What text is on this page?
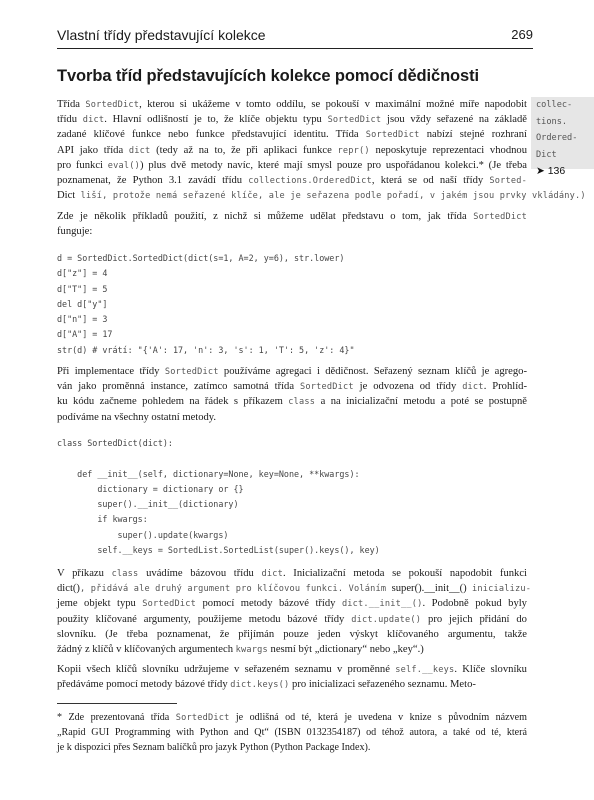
Vlastní třídy představující kolekce	269
Tvorba tříd představujících kolekce pomocí dědičnosti
collec-
tions.
Ordered-
Dict
➤ 136
Třída SortedDict, kterou si ukážeme v tomto oddílu, se pokouší v maximální možné míře napodobit
třídu dict. Hlavní odlišností je to, že klíče objektu typu SortedDict jsou vždy seřazené na základě
zadané klíčové funkce nebo funkce představující identitu. Třída SortedDict nabízí stejné rozhraní
API jako třída dict (tedy až na to, že při aplikaci funkce repr() neposkytuje reprezentaci vhodnou
pro funkci eval()) plus dvě metody navíc, které mají smysl pouze pro uspořádanou kolekci.* (Je třeba
poznamenat, že Python 3.1 zavádí třídu collections.OrderedDict, která se od naší třídy Sorted-
Dict liší, protože nemá seřazené klíče, ale je seřazena podle pořadí, v jakém jsou prvky vkládány.)
Zde je několik příkladů použití, z nichž si můžeme udělat představu o tom, jak třída SortedDict
funguje:
d = SortedDict.SortedDict(dict(s=1, A=2, y=6), str.lower)
d["z"] = 4
d["T"] = 5
del d["y"]
d["n"] = 3
d["A"] = 17
str(d) # vrátí: "{'A': 17, 'n': 3, 's': 1, 'T': 5, 'z': 4}"
Při implementace třídy SortedDict používáme agregaci i dědičnost. Seřazený seznam klíčů je agrego-
ván jako proměnná instance, zatímco samotná třída SortedDict je odvozena od třídy dict. Prohlíd-
ku kódu začneme pohledem na řádek s příkazem class a na inicializační metodu a poté se postupně
podíváme na všechny ostatní metody.
class SortedDict(dict):
def __init__(self, dictionary=None, key=None, **kwargs):
dictionary = dictionary or {}
super().__init__(dictionary)
if kwargs:
super().update(kwargs)
self.__keys = SortedList.SortedList(super().keys(), key)
V příkazu class uvádíme bázovou třídu dict. Inicializační metoda se pokouší napodobit funkci
dict(), přidává ale druhý argument pro klíčovou funkci. Voláním super().__init__() inicializu-
jeme objekt typu SortedDict pomocí metody bázové třídy dict.__init__(). Podobně pokud byly
použity klíčované argumenty, použijeme metodu bázové třídy dict.update() pro jejich přidání do
slovníku. (Je třeba poznamenat, že přijímán pouze jeden výskyt klíčovaného argumentu, takže
žádný z klíčů v klíčovaných argumentech kwargs nesmí být „dictionary“ nebo „key“.)
Kopii všech klíčů slovníku udržujeme v seřazeném seznamu v proměnné self.__keys. Klíče slovníku
předáváme pomocí metody bázové třídy dict.keys() pro inicializaci seřazeného seznamu. Meto-
* Zde prezentovaná třída SortedDict je odlišná od té, která je uvedena v knize s původním názvem
„Rapid GUI Programming with Python and Qt“ (ISBN 0132354187) od téhož autora, a také od té, která
je k dispozici přes Seznam balíčků pro jazyk Python (Python Package Index).
